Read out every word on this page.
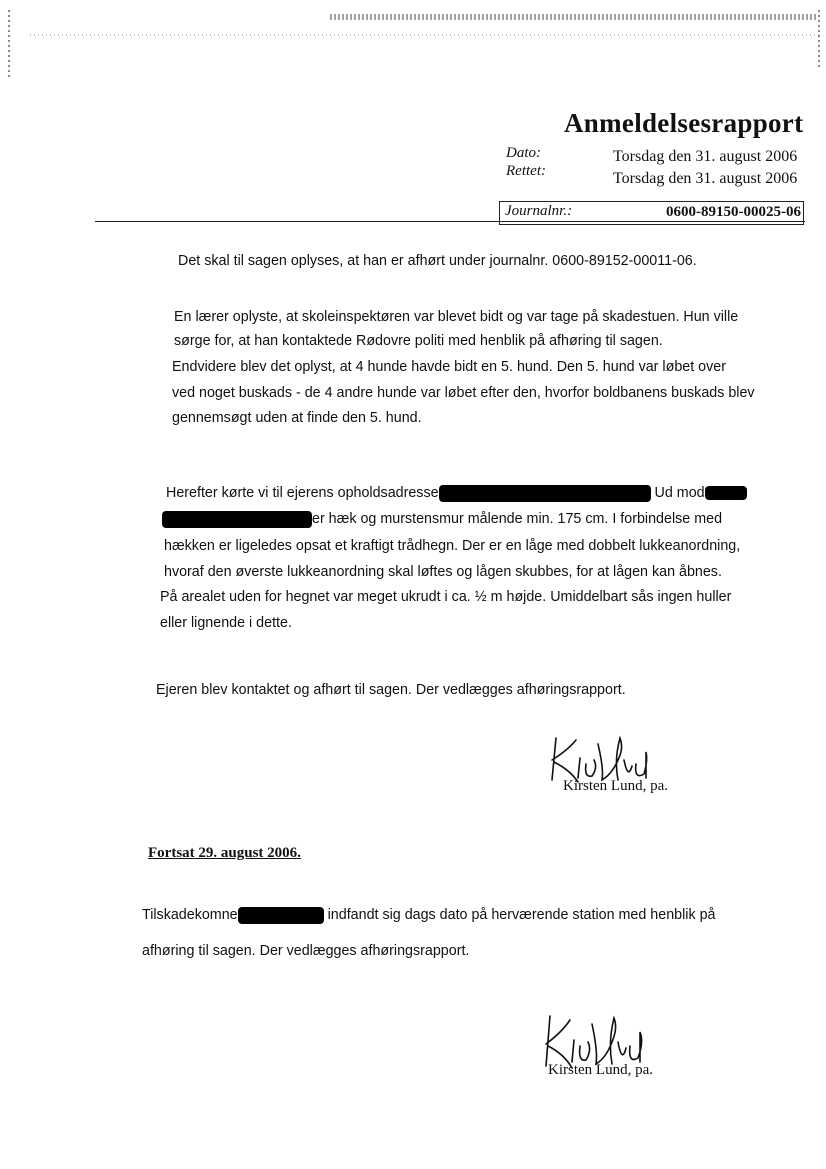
Anmeldelsesrapport
Dato:	Torsdag den 31. august 2006
Rettet:	Torsdag den 31. august 2006
Journalnr.:	0600-89150-00025-06

Det skal til sagen oplyses, at han er afhørt under journalnr. 0600-89152-00011-06.

En lærer oplyste, at skoleinspektøren var blevet bidt og var tage på skadestuen. Hun ville

sørge for, at han kontaktede Rødovre politi med henblik på afhøring til sagen.

Endvidere blev det oplyst, at 4 hunde havde bidt en 5. hund. Den 5. hund var løbet over

ved noget buskads - de 4 andre hunde var løbet efter den, hvorfor boldbanens buskads blev

gennemsøgt uden at finde den 5. hund.

Herefter kørte vi til ejerens opholdsadresse	Ud mod

er hæk og murstensmur målende min. 175 cm. I forbindelse med

hækken er ligeledes opsat et kraftigt trådhegn. Der er en låge med dobbelt lukkeanordning,

hvoraf den øverste lukkeanordning skal løftes og lågen skubbes, for at lågen kan åbnes.

På arealet uden for hegnet var meget ukrudt i ca. ½ m højde. Umiddelbart sås ingen huller

eller lignende i dette.

Ejeren blev kontaktet og afhørt til sagen. Der vedlægges afhøringsrapport.

Kirsten Lund, pa.
Fortsat 29. august 2006.

Tilskadekomne	indfandt sig dags dato på herværende station med henblik på

afhøring til sagen. Der vedlægges afhøringsrapport.

Kirsten Lund, pa.
